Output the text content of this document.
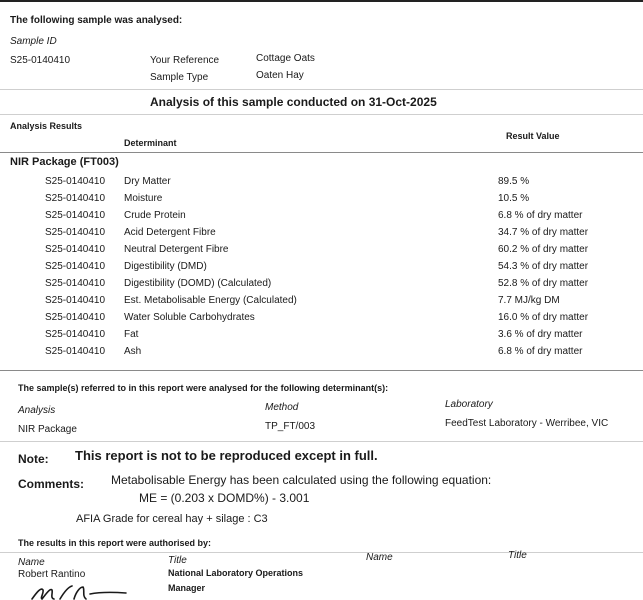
The following sample was analysed:
Sample ID
S25-0140410	Your Reference	Cottage Oats
Sample Type	Oaten Hay
Analysis of this sample conducted on 31-Oct-2025
Analysis Results
Determinant
Result Value
NIR Package (FT003)
S25-0140410 Dry Matter	89.5 %
S25-0140410 Moisture	10.5 %
S25-0140410 Crude Protein	6.8 % of dry matter
S25-0140410 Acid Detergent Fibre	34.7 % of dry matter
S25-0140410 Neutral Detergent Fibre	60.2 % of dry matter
S25-0140410 Digestibility (DMD)	54.3 % of dry matter
S25-0140410 Digestibility (DOMD) (Calculated)	52.8 % of dry matter
S25-0140410 Est. Metabolisable Energy (Calculated)	7.7 MJ/kg DM
S25-0140410 Water Soluble Carbohydrates	16.0 % of dry matter
S25-0140410 Fat	3.6 % of dry matter
S25-0140410 Ash	6.8 % of dry matter
The sample(s) referred to in this report were analysed for the following determinant(s):
Analysis	Method	Laboratory
NIR Package	TP_FT/003	FeedTest Laboratory - Werribee, VIC
Note: This report is not to be reproduced except in full.
Comments: Metabolisable Energy has been calculated using the following equation:
ME = (0.203 x DOMD%) - 3.001
AFIA Grade for cereal hay + silage : C3
The results in this report were authorised by:
Name	Title	Name	Title
Robert Rantino	National Laboratory Operations
Manager
